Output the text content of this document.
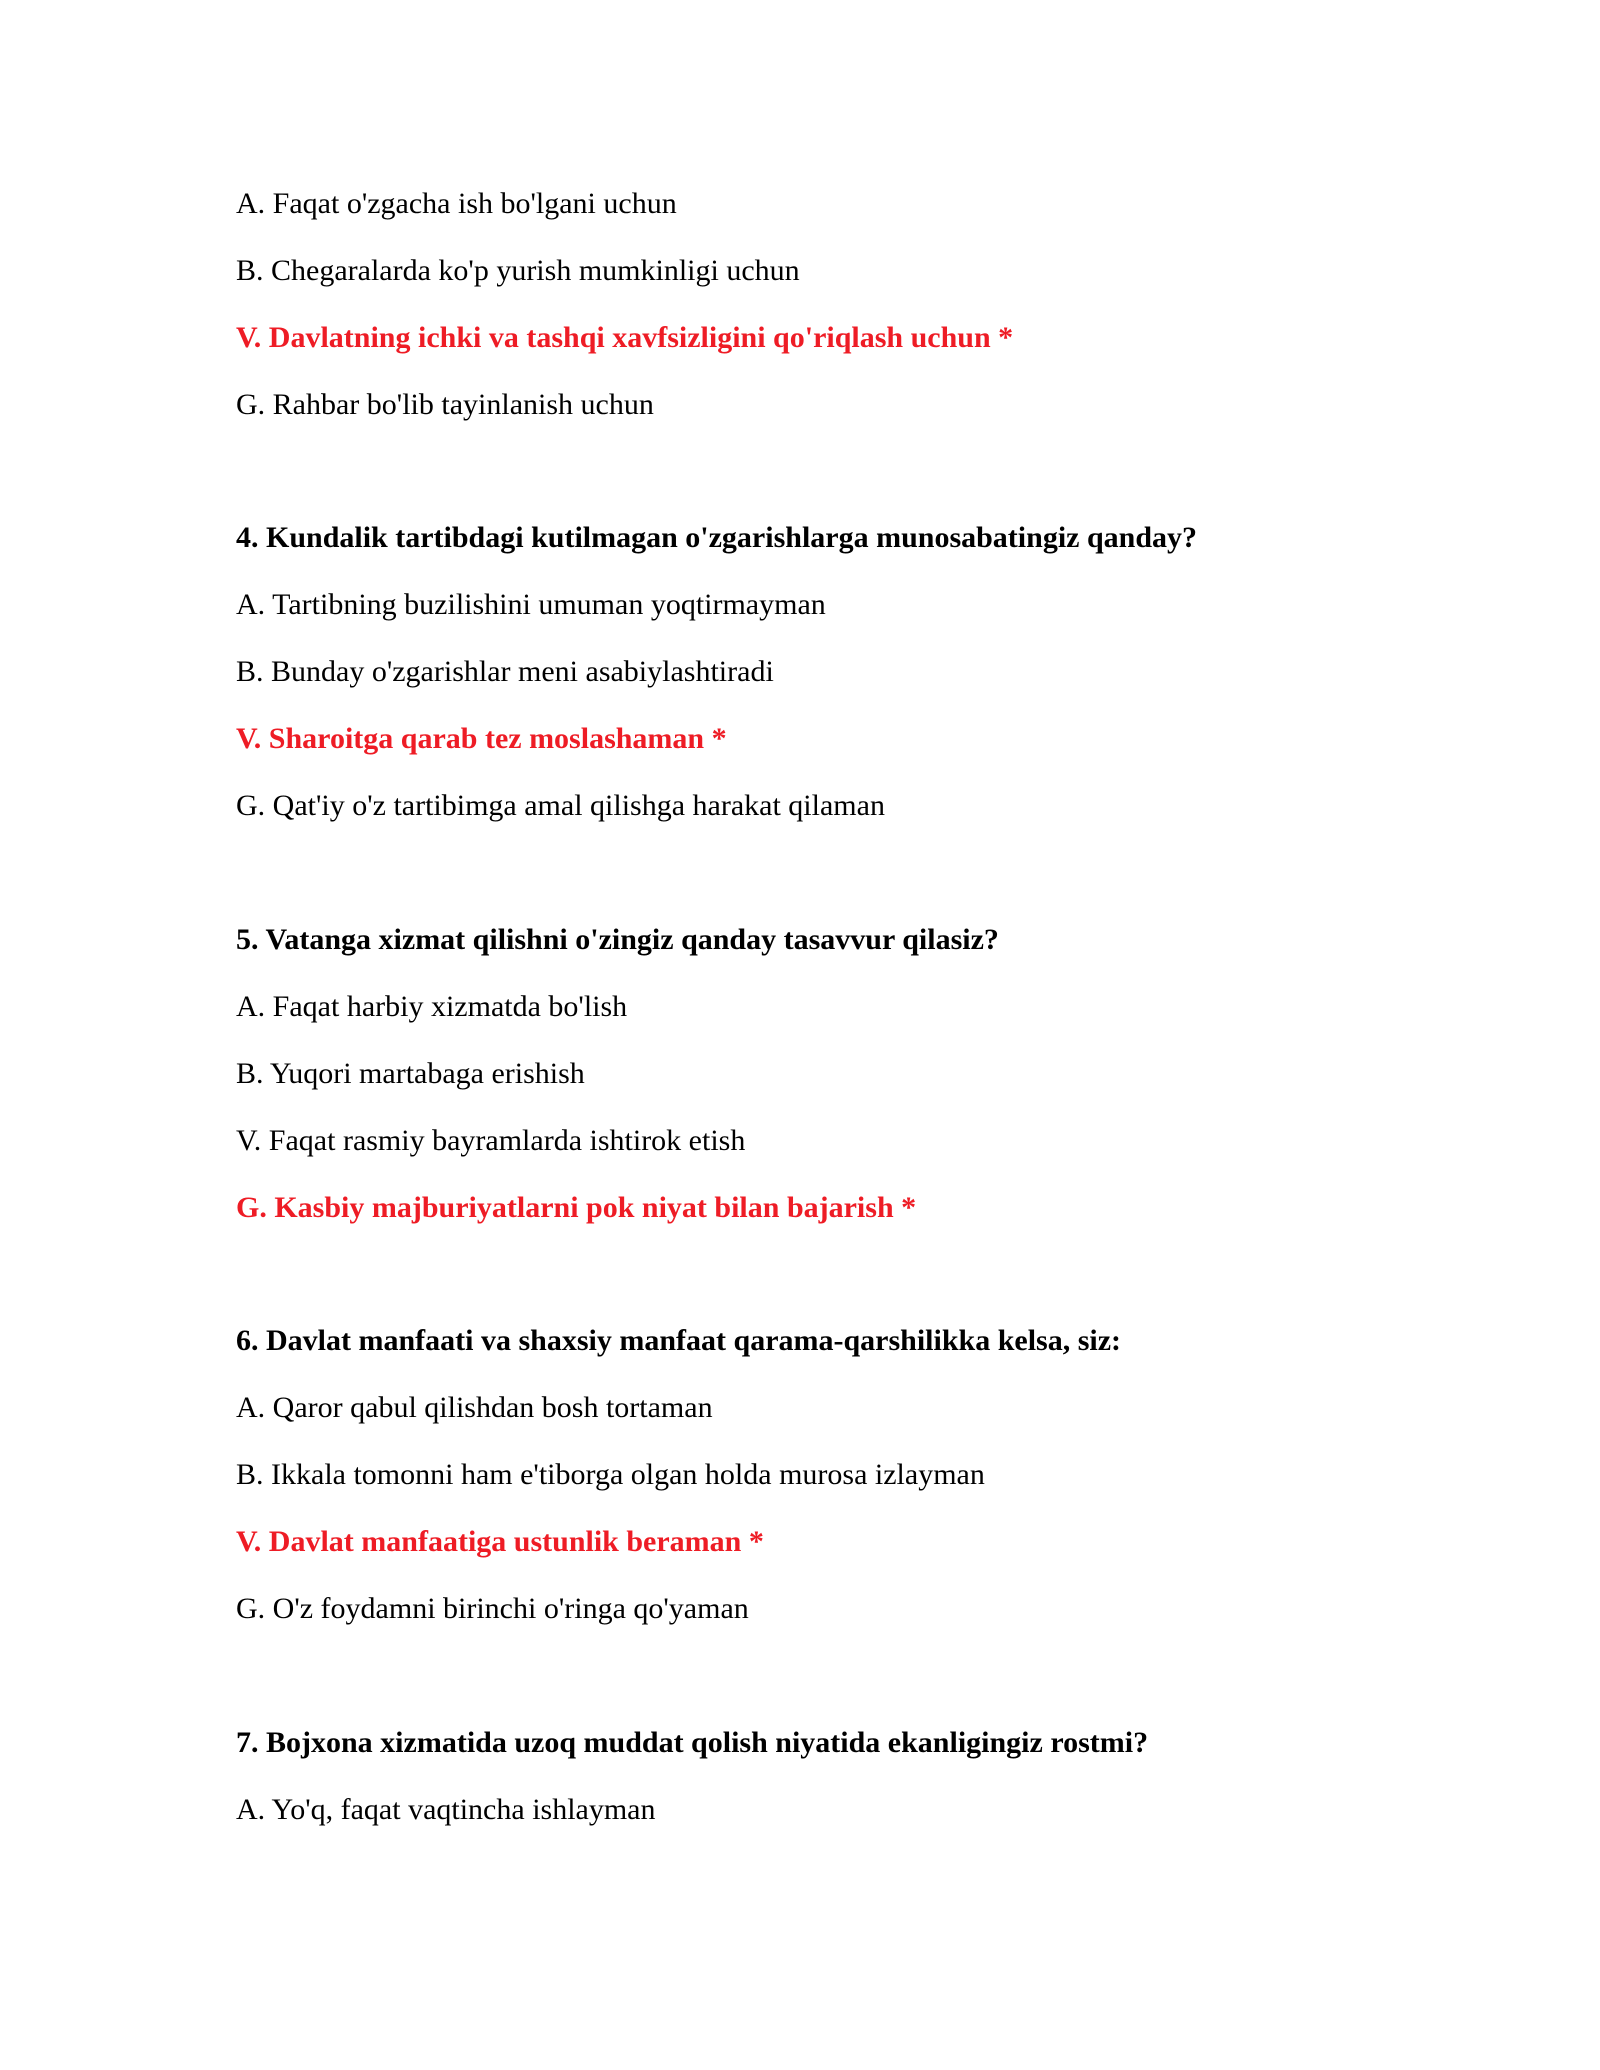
A. Faqat o'zgacha ish bo'lgani uchun
B. Chegaralarda ko'p yurish mumkinligi uchun
V. Davlatning ichki va tashqi xavfsizligini qo'riqlash uchun *
G. Rahbar bo'lib tayinlanish uchun
4. Kundalik tartibdagi kutilmagan o'zgarishlarga munosabatingiz qanday?
A. Tartibning buzilishini umuman yoqtirmayman
B. Bunday o'zgarishlar meni asabiylashtiradi
V. Sharoitga qarab tez moslashaman *
G. Qat'iy o'z tartibimga amal qilishga harakat qilaman
5. Vatanga xizmat qilishni o'zingiz qanday tasavvur qilasiz?
A. Faqat harbiy xizmatda bo'lish
B. Yuqori martabaga erishish
V. Faqat rasmiy bayramlarda ishtirok etish
G. Kasbiy majburiyatlarni pok niyat bilan bajarish *
6. Davlat manfaati va shaxsiy manfaat qarama-qarshilikka kelsa, siz:
A. Qaror qabul qilishdan bosh tortaman
B. Ikkala tomonni ham e'tiborga olgan holda murosa izlayman
V. Davlat manfaatiga ustunlik beraman *
G. O'z foydamni birinchi o'ringa qo'yaman
7. Bojxona xizmatida uzoq muddat qolish niyatida ekanligingiz rostmi?
A. Yo'q, faqat vaqtincha ishlayman
